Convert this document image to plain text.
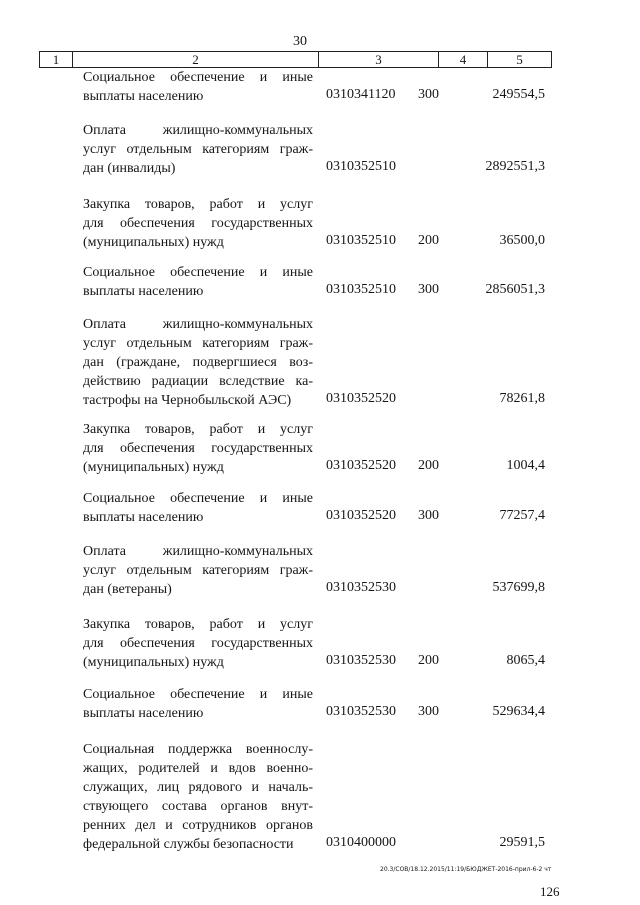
30
1	2	3	4	5
Социальное обеспечение и иные
выплаты населению	0310341120 300	249554,5
Оплата жилищно-коммунальных
услуг отдельным категориям граж-
дан (инвалиды)	0310352510	2892551,3
Закупка товаров, работ и услуг
для обеспечения государственных
(муниципальных) нужд	0310352510 200	36500,0
Социальное обеспечение и иные
выплаты населению	0310352510 300	2856051,3
Оплата жилищно-коммунальных
услуг отдельным категориям граж-
дан (граждане, подвергшиеся воз-
действию радиации вследствие ка-
тастрофы на Чернобыльской АЭС)	0310352520	78261,8
Закупка товаров, работ и услуг
для обеспечения государственных
(муниципальных) нужд	0310352520 200	1004,4
Социальное обеспечение и иные
выплаты населению	0310352520 300	77257,4
Оплата жилищно-коммунальных
услуг отдельным категориям граж-
дан (ветераны)	0310352530	537699,8
Закупка товаров, работ и услуг
для обеспечения государственных
(муниципальных) нужд	0310352530 200	8065,4
Социальное обеспечение и иные
выплаты населению	0310352530 300	529634,4
Социальная поддержка военнослу-
жащих, родителей и вдов военно-
служащих, лиц рядового и началь-
ствующего состава органов внут-
ренних дел и сотрудников органов
федеральной службы безопасности	0310400000	29591,5
20.3/СОВ/18.12.2015/11:19/БЮДЖЕТ-2016-прил-6-2 чт
126
